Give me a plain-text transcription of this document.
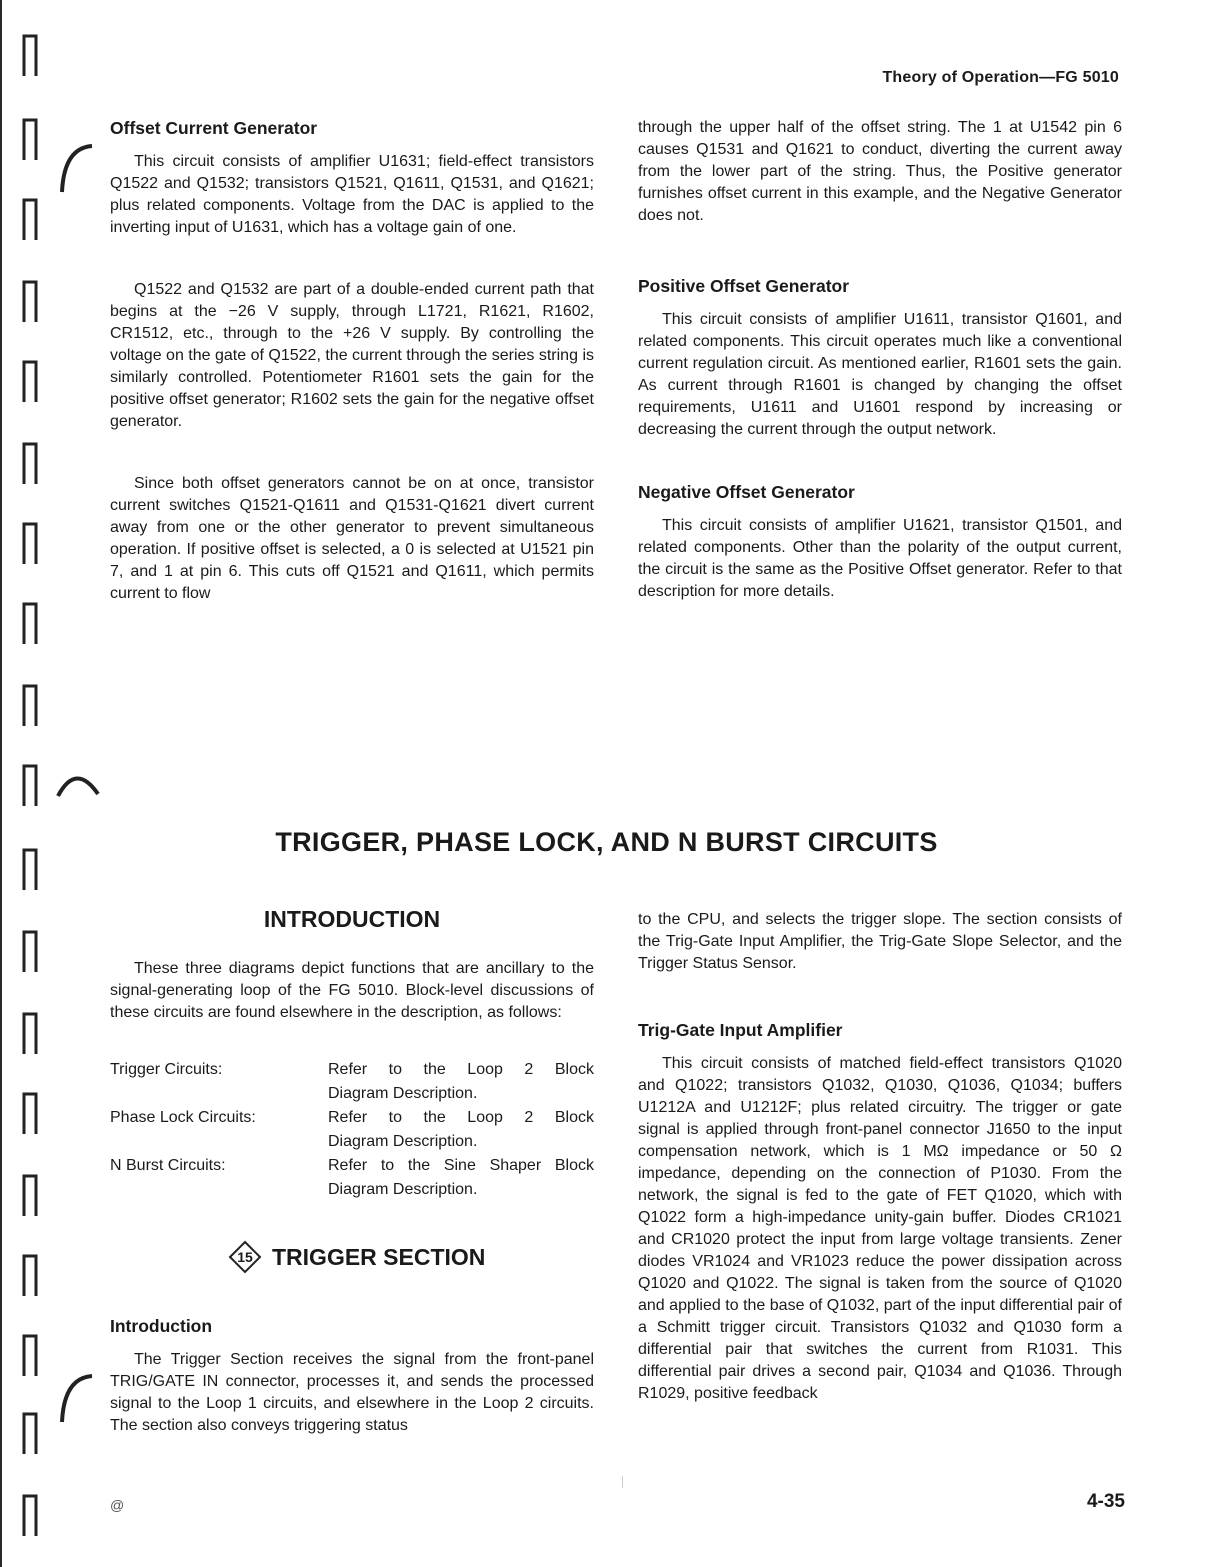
Theory of Operation—FG 5010
Offset Current Generator

This circuit consists of amplifier U1631; field-effect transistors Q1522 and Q1532; transistors Q1521, Q1611, Q1531, and Q1621; plus related components. Voltage from the DAC is applied to the inverting input of U1631, which has a voltage gain of one.

Q1522 and Q1532 are part of a double-ended current path that begins at the −26 V supply, through L1721, R1621, R1602, CR1512, etc., through to the +26 V supply. By controlling the voltage on the gate of Q1522, the current through the series string is similarly controlled. Potentiometer R1601 sets the gain for the positive offset generator; R1602 sets the gain for the negative offset generator.

Since both offset generators cannot be on at once, transistor current switches Q1521-Q1611 and Q1531-Q1621 divert current away from one or the other generator to prevent simultaneous operation. If positive offset is selected, a 0 is selected at U1521 pin 7, and 1 at pin 6. This cuts off Q1521 and Q1611, which permits current to flow

through the upper half of the offset string. The 1 at U1542 pin 6 causes Q1531 and Q1621 to conduct, diverting the current away from the lower part of the string. Thus, the Positive generator furnishes offset current in this example, and the Negative Generator does not.

Positive Offset Generator

This circuit consists of amplifier U1611, transistor Q1601, and related components. This circuit operates much like a conventional current regulation circuit. As mentioned earlier, R1601 sets the gain. As current through R1601 is changed by changing the offset requirements, U1611 and U1601 respond by increasing or decreasing the current through the output network.

Negative Offset Generator

This circuit consists of amplifier U1621, transistor Q1501, and related components. Other than the polarity of the output current, the circuit is the same as the Positive Offset generator. Refer to that description for more details.

TRIGGER, PHASE LOCK, AND N BURST CIRCUITS
INTRODUCTION

These three diagrams depict functions that are ancillary to the signal-generating loop of the FG 5010. Block-level discussions of these circuits are found elsewhere in the description, as follows:

Trigger Circuits:	Refer to the Loop 2 Block
Diagram Description.

Phase Lock Circuits:	Refer to the Loop 2 Block
Diagram Description.

N Burst Circuits:	Refer to the Sine Shaper Block
Diagram Description.
15 TRIGGER SECTION
Introduction

The Trigger Section receives the signal from the front-panel TRIG/GATE IN connector, processes it, and sends the processed signal to the Loop 1 circuits, and elsewhere in the Loop 2 circuits. The section also conveys triggering status

to the CPU, and selects the trigger slope. The section consists of the Trig-Gate Input Amplifier, the Trig-Gate Slope Selector, and the Trigger Status Sensor.

Trig-Gate Input Amplifier

This circuit consists of matched field-effect transistors Q1020 and Q1022; transistors Q1032, Q1030, Q1036, Q1034; buffers U1212A and U1212F; plus related circuitry. The trigger or gate signal is applied through front-panel connector J1650 to the input compensation network, which is 1 MΩ impedance or 50 Ω impedance, depending on the connection of P1030. From the network, the signal is fed to the gate of FET Q1020, which with Q1022 form a high-impedance unity-gain buffer. Diodes CR1021 and CR1020 protect the input from large voltage transients. Zener diodes VR1024 and VR1023 reduce the power dissipation across Q1020 and Q1022. The signal is taken from the source of Q1020 and applied to the base of Q1032, part of the input differential pair of a Schmitt trigger circuit. Transistors Q1032 and Q1030 form a differential pair that switches the current from R1031. This differential pair drives a second pair, Q1034 and Q1036. Through R1029, positive feedback

@	4-35
